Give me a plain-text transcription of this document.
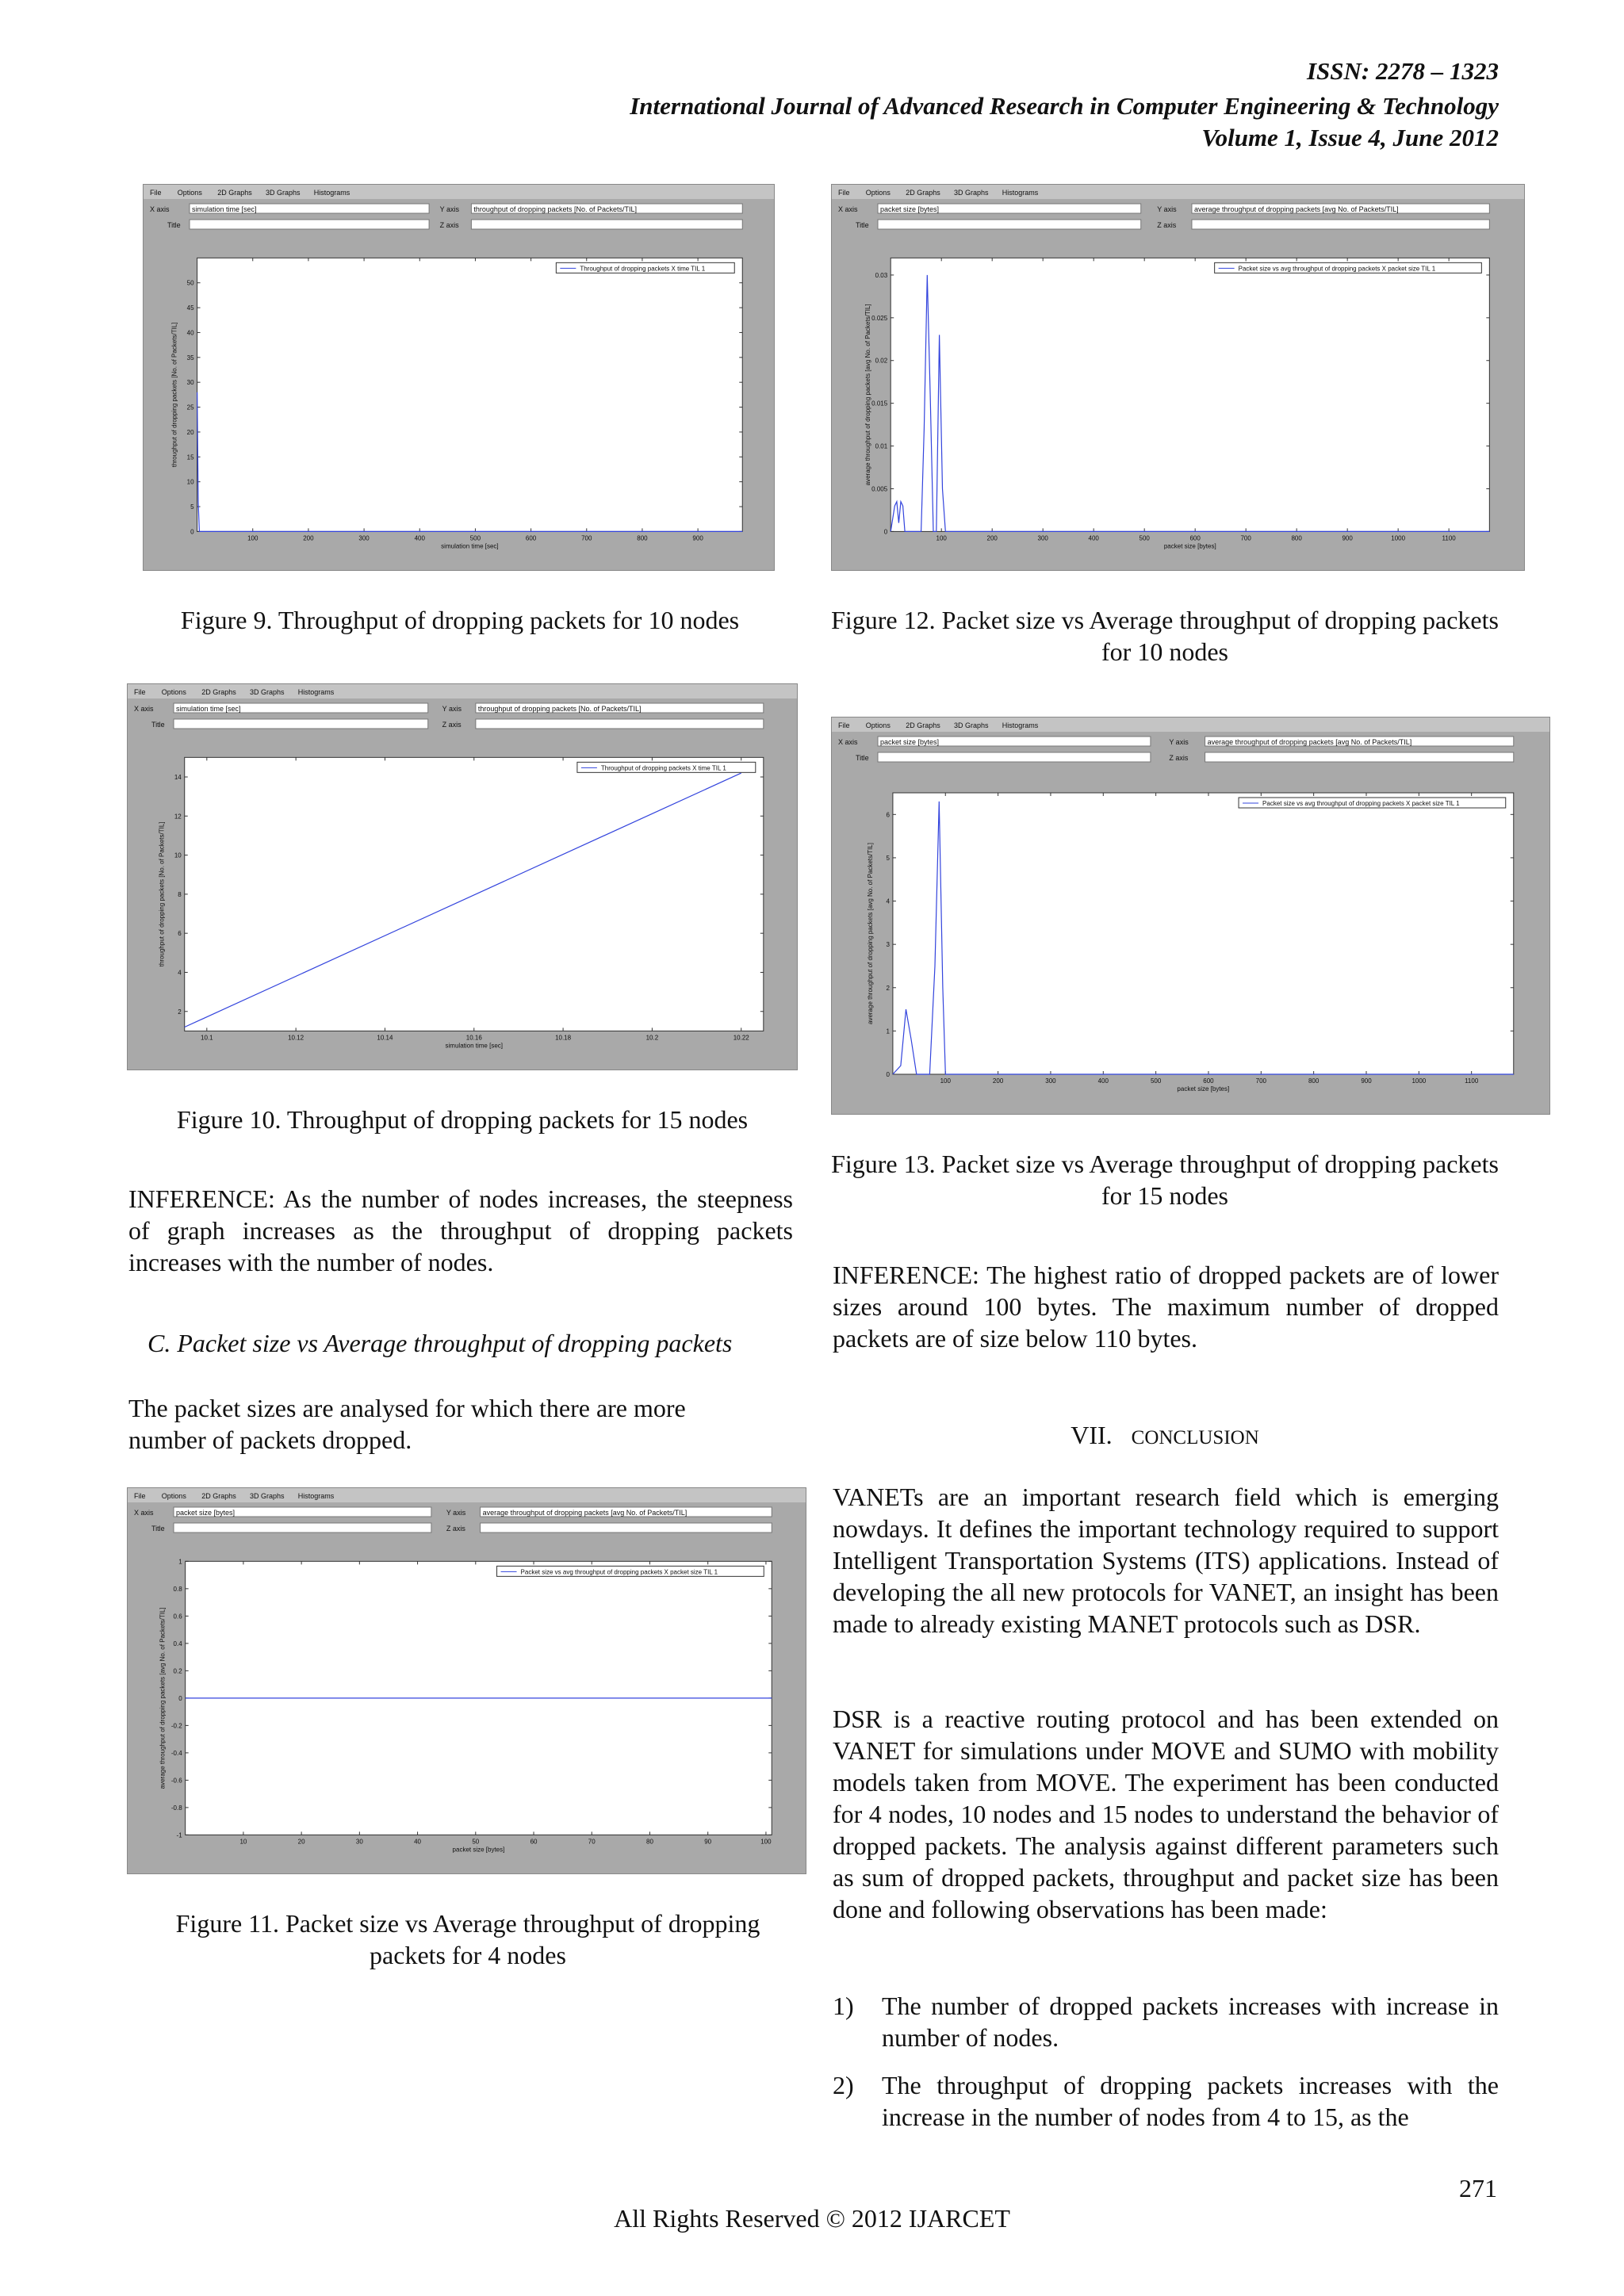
ISSN: 2278 – 1323
International Journal of Advanced Research in Computer Engineering & Technology
Volume 1, Issue 4, June 2012
File Options 2D Graphs 3D Graphs Histograms
X axis	simulation time [sec]	Y axis throughput of dropping packets [No. of Packets/TIL]
Title	Z axis
100	200	300	400	500	600	700	800	900
0
5
10
15
20
25
30
35
40
45
50
simulation time [sec]
throughput of dropping packets [No. of Packets/TIL]
Throughput of dropping packets X time TIL 1
Figure 9. Throughput of dropping packets for 10 nodes
File Options 2D Graphs 3D Graphs Histograms
X axis	simulation time [sec]	Y axis throughput of dropping packets [No. of Packets/TIL]
Title	Z axis
10.1	10.12	10.14	10.16	10.18	10.2	10.22
2
4
6
8
10
12
14
simulation time [sec]
throughput of dropping packets [No. of Packets/TIL]
Throughput of dropping packets X time TIL 1
Figure 10. Throughput of dropping packets for 15 nodes
INFERENCE: As the number of nodes increases, the steepness of graph increases as the throughput of dropping packets increases with the number of nodes.
C. Packet size vs Average throughput of dropping packets
The packet sizes are analysed for which there are more number of packets dropped.
File Options 2D Graphs 3D Graphs Histograms
X axis	packet size [bytes]	Y axis average throughput of dropping packets [avg No. of Packets/TIL]
Title	Z axis
10	20	30	40	50	60	70	80	90	100
-1
-0.8
-0.6
-0.4
-0.2
0
0.2
0.4
0.6
0.8
1
packet size [bytes]
average throughput of dropping packets [avg No. of Packets/TIL]
Packet size vs avg throughput of dropping packets X packet size TIL 1
Figure 11. Packet size vs Average throughput of dropping packets for 4 nodes
File Options 2D Graphs 3D Graphs Histograms
X axis	packet size [bytes]	Y axis average throughput of dropping packets [avg No. of Packets/TIL]
Title	Z axis
100	200	300	400	500	600	700	800	900	1000	1100
0
0.005
0.01
0.015
0.02
0.025
0.03
packet size [bytes]
average throughput of dropping packets [avg No. of Packets/TIL]
Packet size vs avg throughput of dropping packets X packet size TIL 1
Figure 12. Packet size vs Average throughput of dropping packets for 10 nodes
File Options 2D Graphs 3D Graphs Histograms
X axis	packet size [bytes]	Y axis	average throughput of dropping packets [avg No. of Packets/TIL]
Title	Z axis
100	200	300	400	500	600	700	800	900	1000	1100
0
1
2
3
4
5
6
packet size [bytes]
average throughput of dropping packets [avg No. of Packets/TIL]
Packet size vs avg throughput of dropping packets X packet size TIL 1
Figure 13. Packet size vs Average throughput of dropping packets for 15 nodes
INFERENCE: The highest ratio of dropped packets are of lower sizes around 100 bytes. The maximum number of dropped packets are of size below 110 bytes.
VII. CONCLUSION
VANETs are an important research field which is emerging nowdays. It defines the important technology required to support Intelligent Transportation Systems (ITS) applications. Instead of developing the all new protocols for VANET, an insight has been made to already existing MANET protocols such as DSR.
DSR is a reactive routing protocol and has been extended on VANET for simulations under MOVE and SUMO with mobility models taken from MOVE. The experiment has been conducted for 4 nodes, 10 nodes and 15 nodes to understand the behavior of dropped packets. The analysis against different parameters such as sum of dropped packets, throughput and packet size has been done and following observations has been made:
1) The number of dropped packets increases with increase in number of nodes.
2) The throughput of dropping packets increases with the increase in the number of nodes from 4 to 15, as the
271
All Rights Reserved © 2012 IJARCET
